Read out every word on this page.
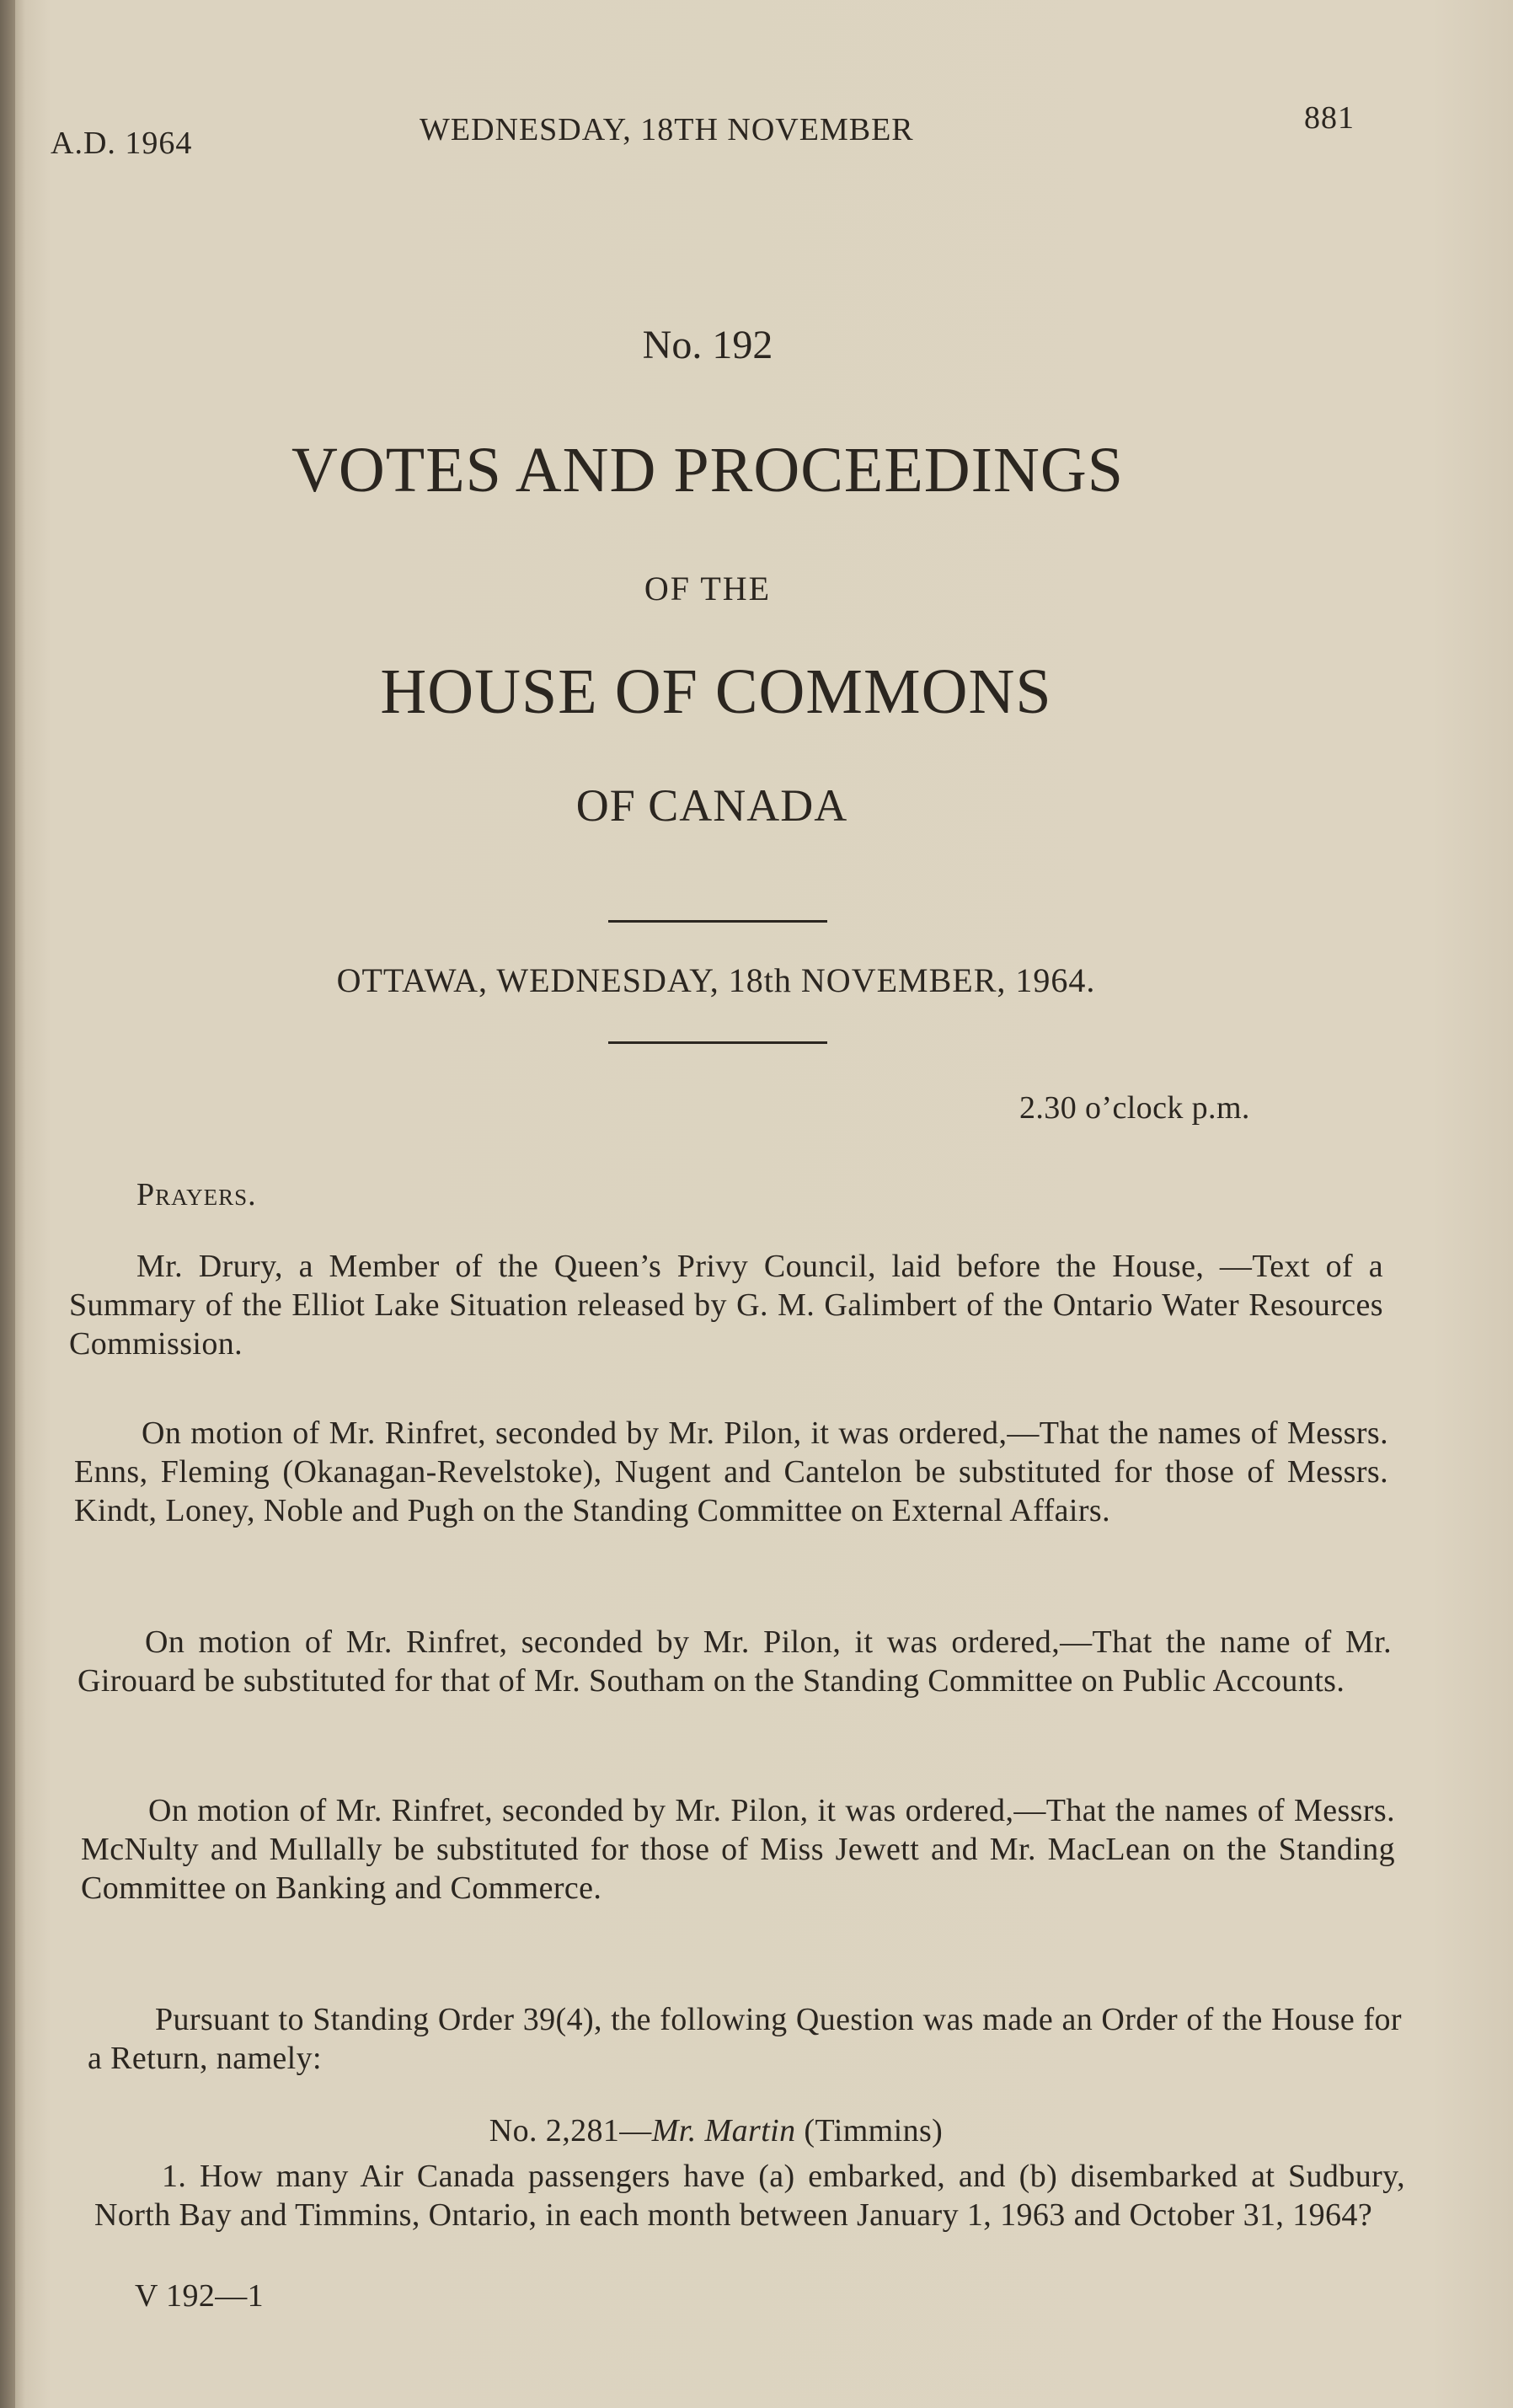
A.D. 1964	WEDNESDAY, 18TH NOVEMBER	881
No. 192
VOTES AND PROCEEDINGS
OF THE
HOUSE OF COMMONS
OF CANADA
OTTAWA, WEDNESDAY, 18th NOVEMBER, 1964.
2.30 o’clock p.m.
Prayers.
Mr. Drury, a Member of the Queen’s Privy Council, laid before the House, —Text of a Summary of the Elliot Lake Situation released by G. M. Galimbert of the Ontario Water Resources Commission.
On motion of Mr. Rinfret, seconded by Mr. Pilon, it was ordered,—That the names of Messrs. Enns, Fleming (Okanagan-Revelstoke), Nugent and Cantelon be substituted for those of Messrs. Kindt, Loney, Noble and Pugh on the Standing Committee on External Affairs.
On motion of Mr. Rinfret, seconded by Mr. Pilon, it was ordered,—That the name of Mr. Girouard be substituted for that of Mr. Southam on the Standing Committee on Public Accounts.
On motion of Mr. Rinfret, seconded by Mr. Pilon, it was ordered,—That the names of Messrs. McNulty and Mullally be substituted for those of Miss Jewett and Mr. MacLean on the Standing Committee on Banking and Commerce.
Pursuant to Standing Order 39(4), the following Question was made an Order of the House for a Return, namely:
No. 2,281—Mr. Martin (Timmins)
1. How many Air Canada passengers have (a) embarked, and (b) disembarked at Sudbury, North Bay and Timmins, Ontario, in each month between January 1, 1963 and October 31, 1964?
V 192—1
